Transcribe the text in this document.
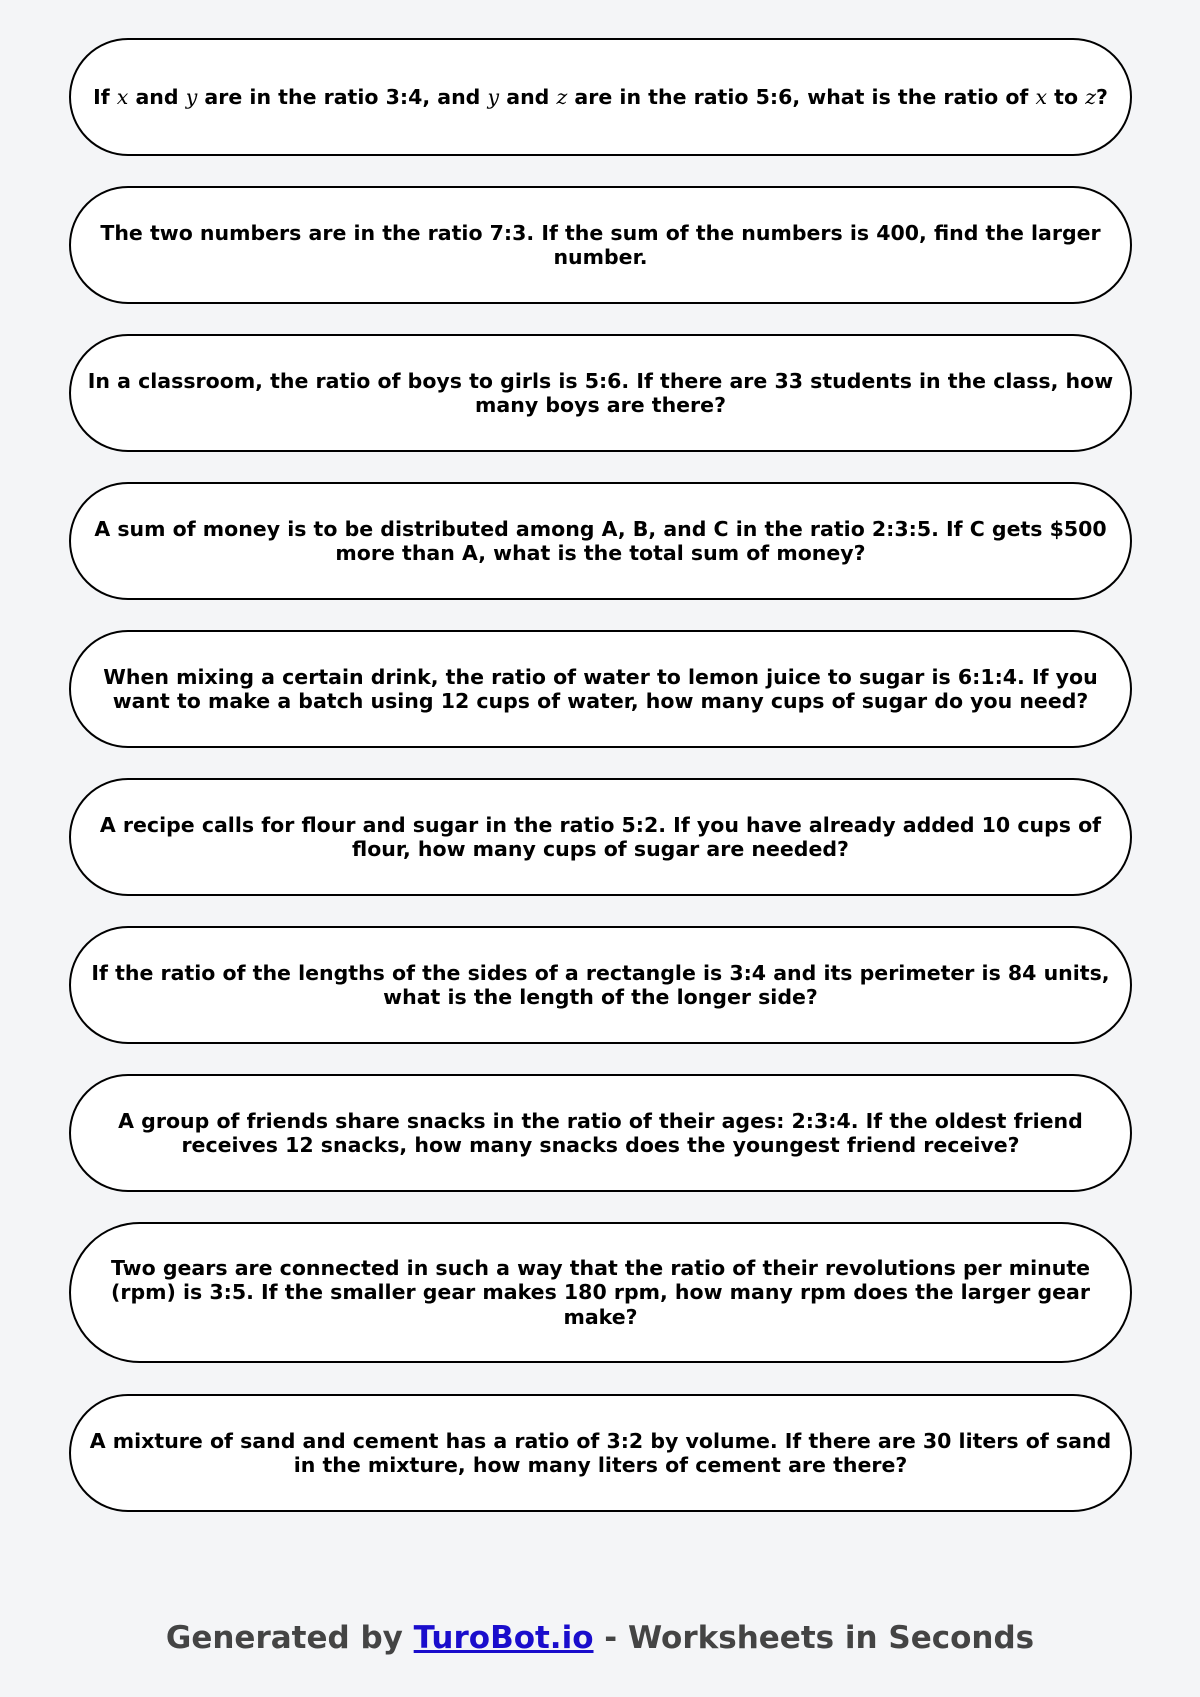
If x and y are in the ratio 3:4, and y and z are in the ratio 5:6, what is the ratio of x to z?
The two numbers are in the ratio 7:3. If the sum of the numbers is 400, find the larger number.
In a classroom, the ratio of boys to girls is 5:6. If there are 33 students in the class, how many boys are there?
A sum of money is to be distributed among A, B, and C in the ratio 2:3:5. If C gets $500 more than A, what is the total sum of money?
When mixing a certain drink, the ratio of water to lemon juice to sugar is 6:1:4. If you want to make a batch using 12 cups of water, how many cups of sugar do you need?
A recipe calls for flour and sugar in the ratio 5:2. If you have already added 10 cups of flour, how many cups of sugar are needed?
If the ratio of the lengths of the sides of a rectangle is 3:4 and its perimeter is 84 units, what is the length of the longer side?
A group of friends share snacks in the ratio of their ages: 2:3:4. If the oldest friend receives 12 snacks, how many snacks does the youngest friend receive?
Two gears are connected in such a way that the ratio of their revolutions per minute (rpm) is 3:5. If the smaller gear makes 180 rpm, how many rpm does the larger gear make?
A mixture of sand and cement has a ratio of 3:2 by volume. If there are 30 liters of sand in the mixture, how many liters of cement are there?
Generated by TuroBot.io - Worksheets in Seconds
